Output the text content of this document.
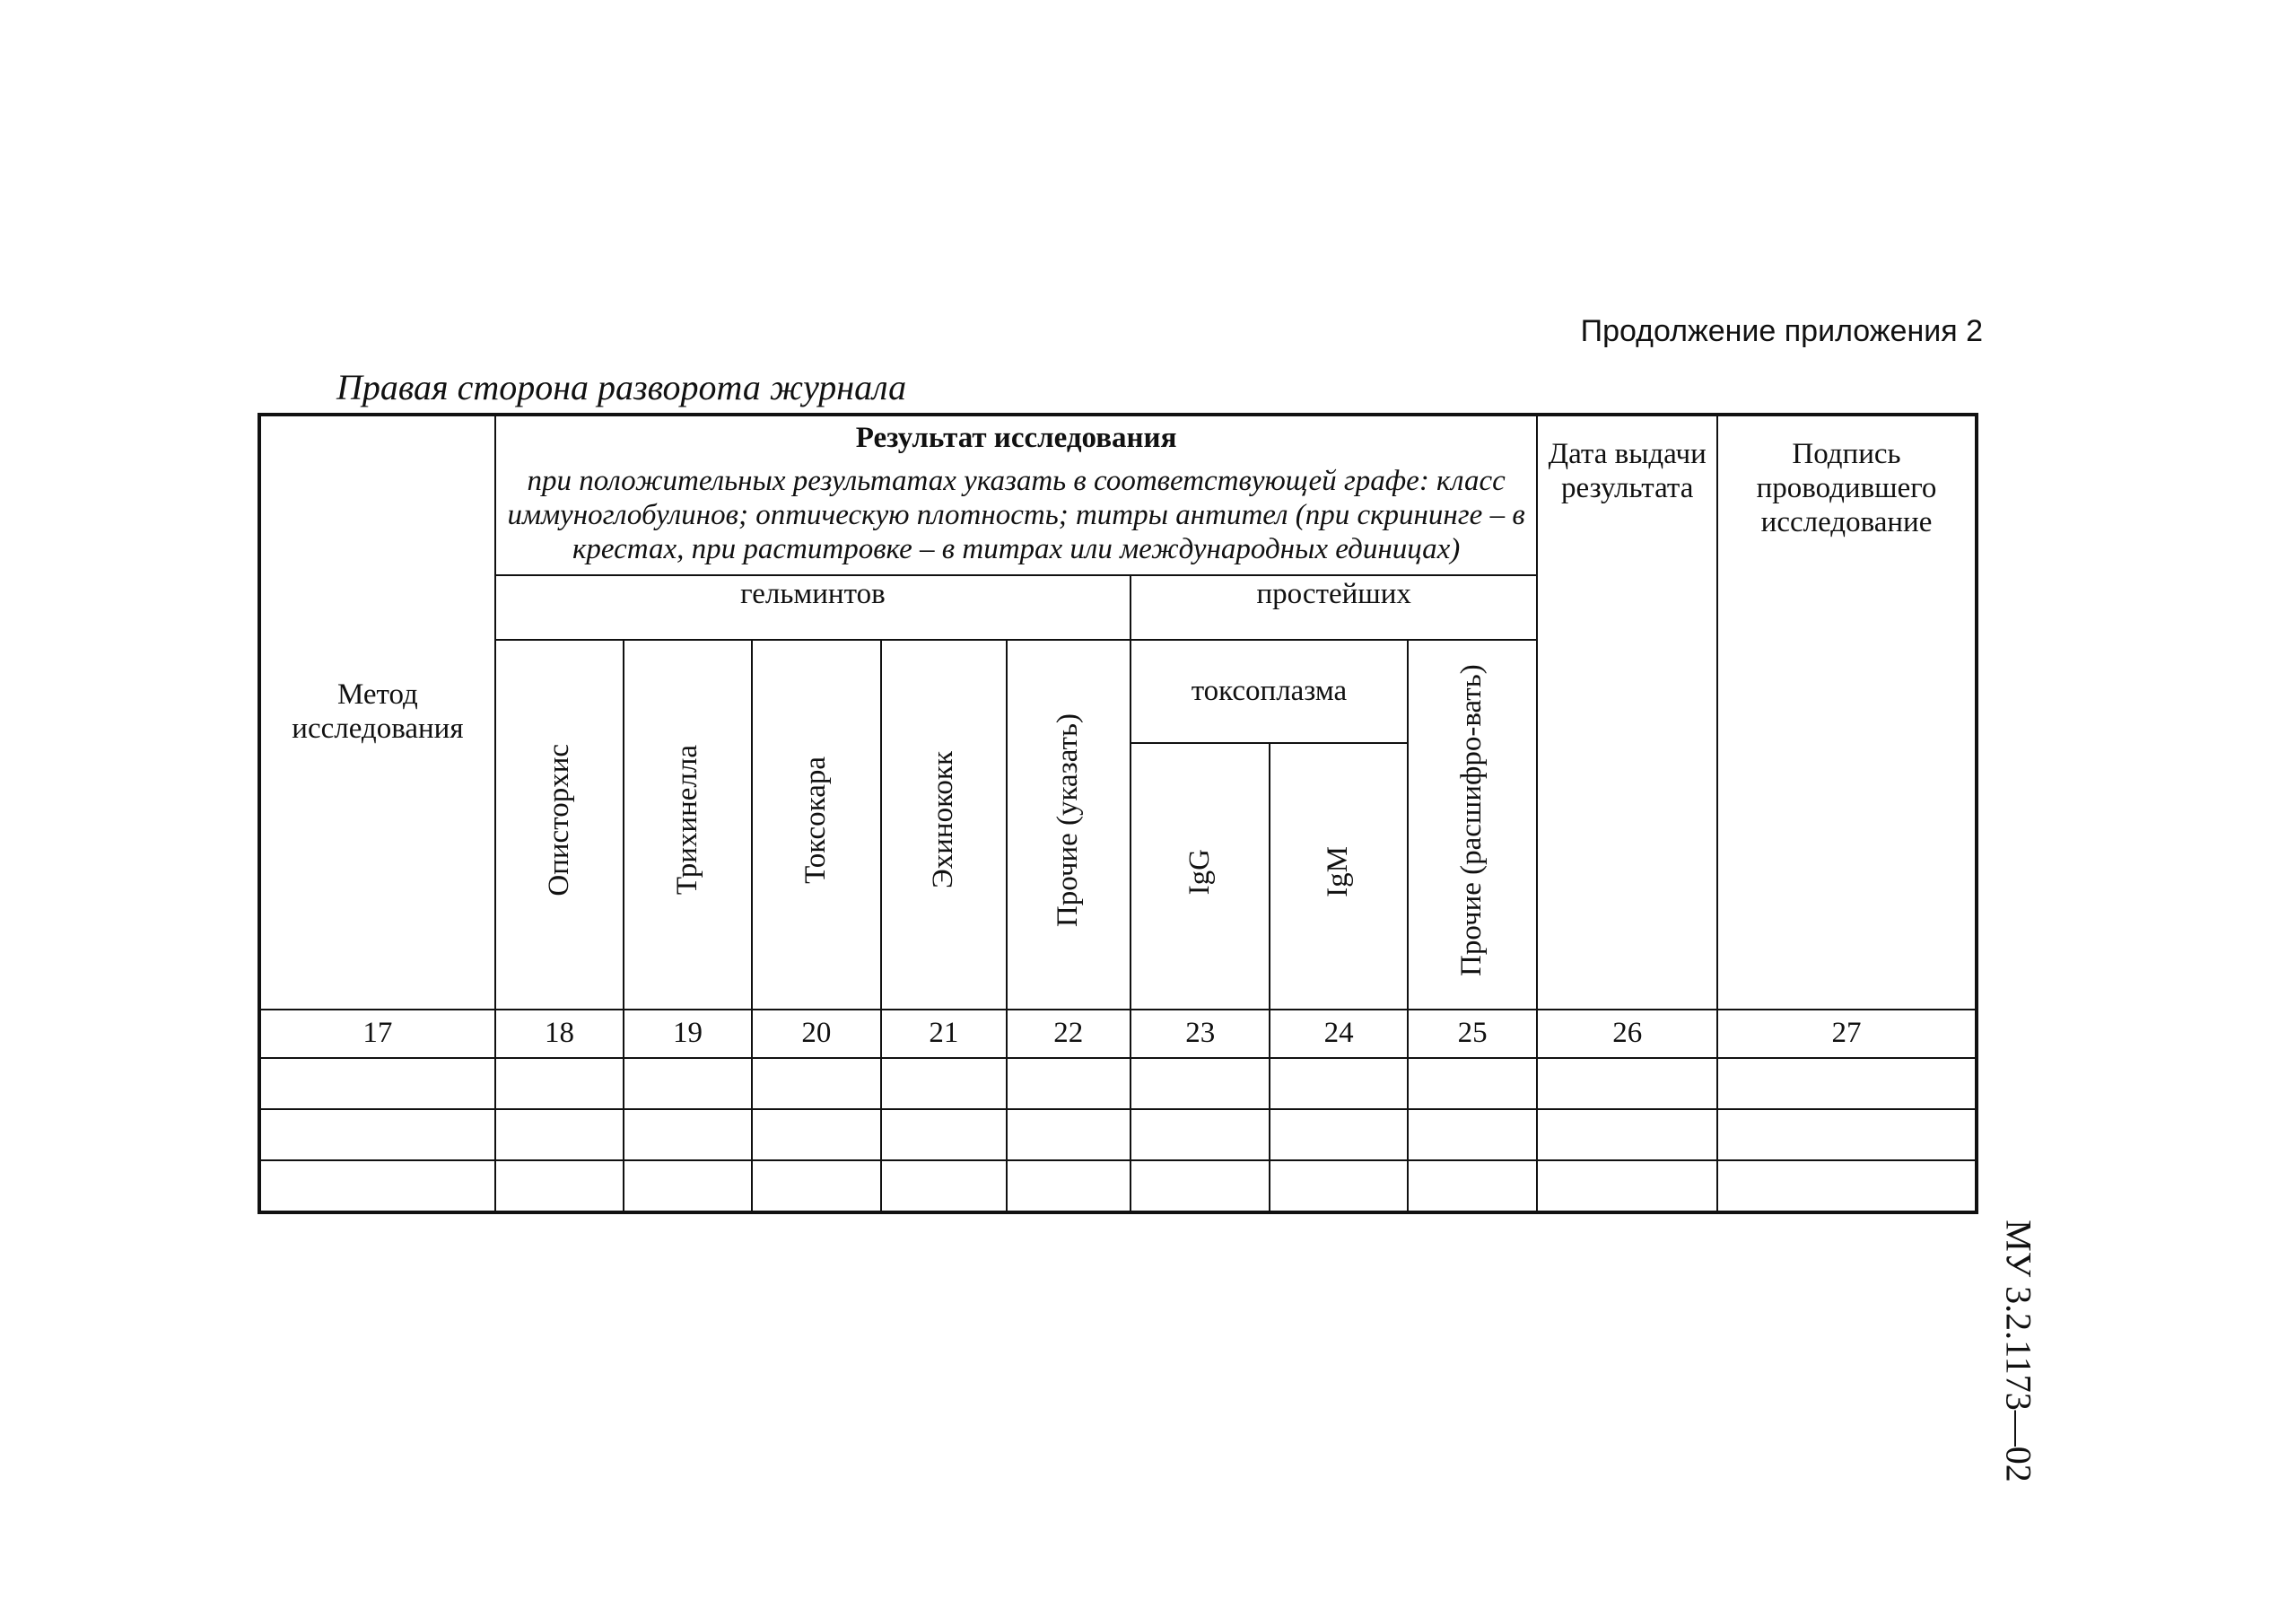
Продолжение приложения 2
Правая сторона разворота журнала
МУ 3.2.1173—02
Метод исследования	Результат исследования
при положительных результатах указать в соответствующей графе: класс иммуноглобулинов; оптическую плотность; титры антител (при скрининге – в крестах, при раститровке – в титрах или международных единицах)								Дата выдачи результата	Подпись проводившего исследование
	гельминтов					простейших				
	Описторхис	Трихинелла	Токсокара	Эхинококк	Прочие (указать)	токсоплазма		Прочие (расшифро-вать)		
						IgG	IgM			

17	18	19	20	21	22	23	24	25	26	27
